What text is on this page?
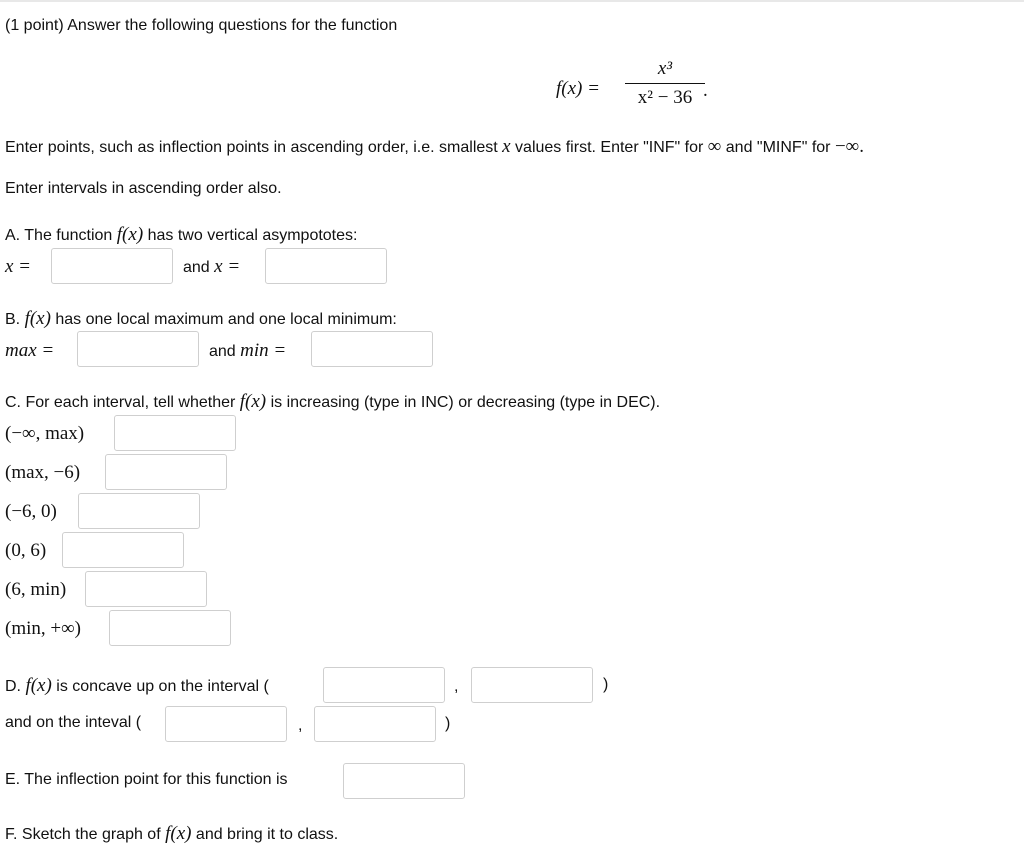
(1 point) Answer the following questions for the function
f(x) =
x³
x² − 36 .
Enter points, such as inflection points in ascending order, i.e. smallest x values first. Enter "INF" for ∞ and "MINF" for −∞.
Enter intervals in ascending order also.
A. The function f(x) has two vertical asympototes:
x =	and x =
B. f(x) has one local maximum and one local minimum:
max =	and min =
C. For each interval, tell whether f(x) is increasing (type in INC) or decreasing (type in DEC).
(−∞, max)
(max, −6)
(−6, 0)
(0, 6)
(6, min)
(min, +∞)
D. f(x) is concave up on the interval (	,	)
and on the inteval (	,	)
E. The inflection point for this function is
F. Sketch the graph of f(x) and bring it to class.
